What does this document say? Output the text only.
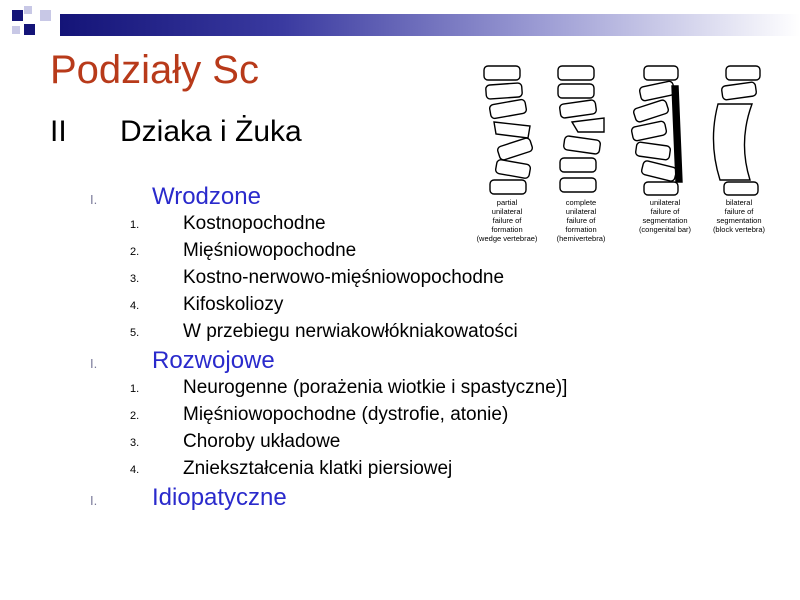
Podziały Sc
II Dziaka i Żuka
I. Wrodzone
1. Kostnopochodne
2. Mięśniowopochodne
3. Kostno-nerwowo-mięśniowopochodne
4. Kifoskoliozy
5. W przebiegu nerwiakowłókniakowatości
I. Rozwojowe
1. Neurogenne (porażenia wiotkie i spastyczne)]
2. Mięśniowopochodne (dystrofie, atonie)
3. Choroby układowe
4. Zniekształcenia klatki piersiowej
I. Idiopatyczne
partial
unilateral
failure of
formation
(wedge vertebrae)
complete
unilateral
failure of
formation
(hemivertebra)
unilateral
failure of
segmentation
(congenital bar)
bilateral
failure of
segmentation
(block vertebra)
